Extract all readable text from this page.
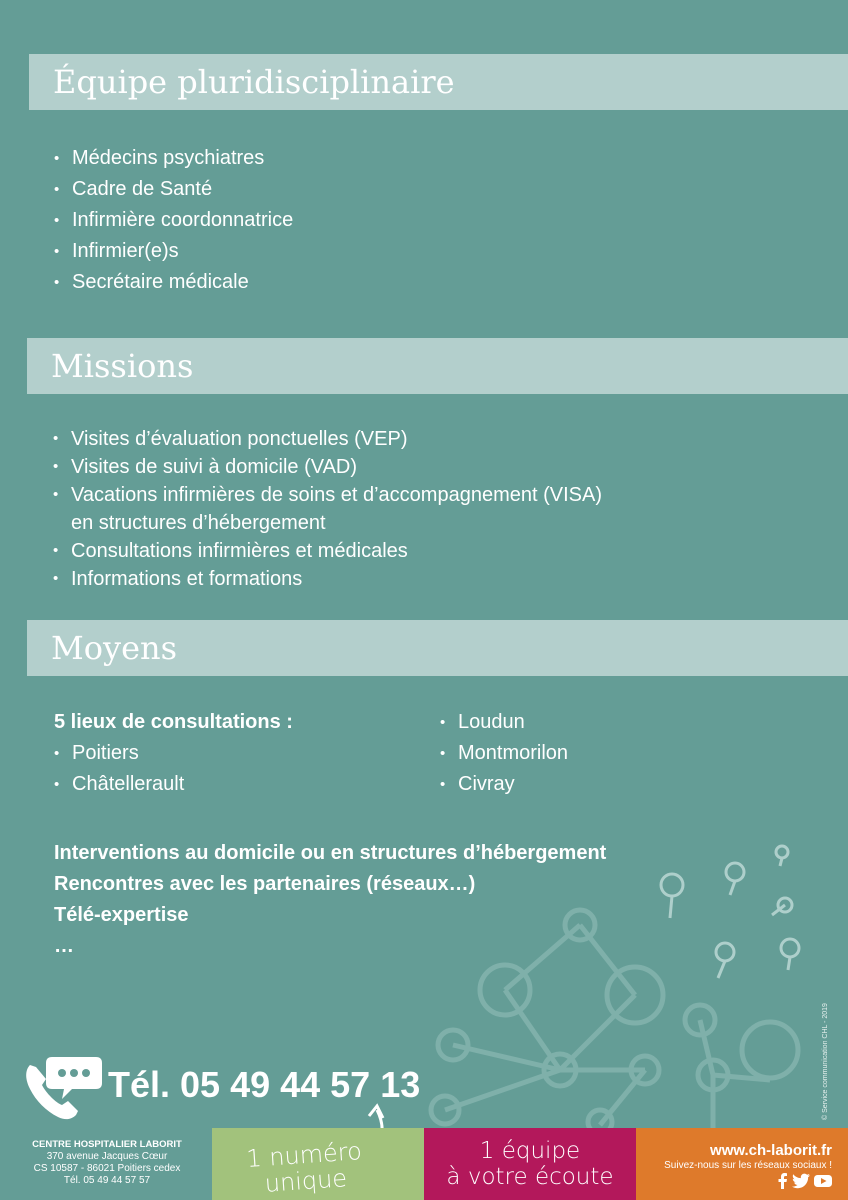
Équipe pluridisciplinaire
• Médecins psychiatres
• Cadre de Santé
• Infirmière coordonnatrice
• Infirmier(e)s
• Secrétaire médicale
Missions
• Visites d’évaluation ponctuelles (VEP)
• Visites de suivi à domicile (VAD)
• Vacations infirmières de soins et d’accompagnement (VISA)
en structures d’hébergement
• Consultations infirmières et médicales
• Informations et formations
Moyens
5 lieux de consultations :
• Poitiers
• Châtellerault
• Loudun
• Montmorilon
• Civray
Interventions au domicile ou en structures d’hébergement
Rencontres avec les partenaires (réseaux…)
Télé-expertise
…
Tél. 05 49 44 57 13
CENTRE HOSPITALIER LABORIT
370 avenue Jacques Cœur
CS 10587 - 86021 Poitiers cedex
Tél. 05 49 44 57 57
1 numéro
unique
1 équipe
à votre écoute
www.ch-laborit.fr
Suivez-nous sur les réseaux sociaux !
© Service communication CHL - 2019
